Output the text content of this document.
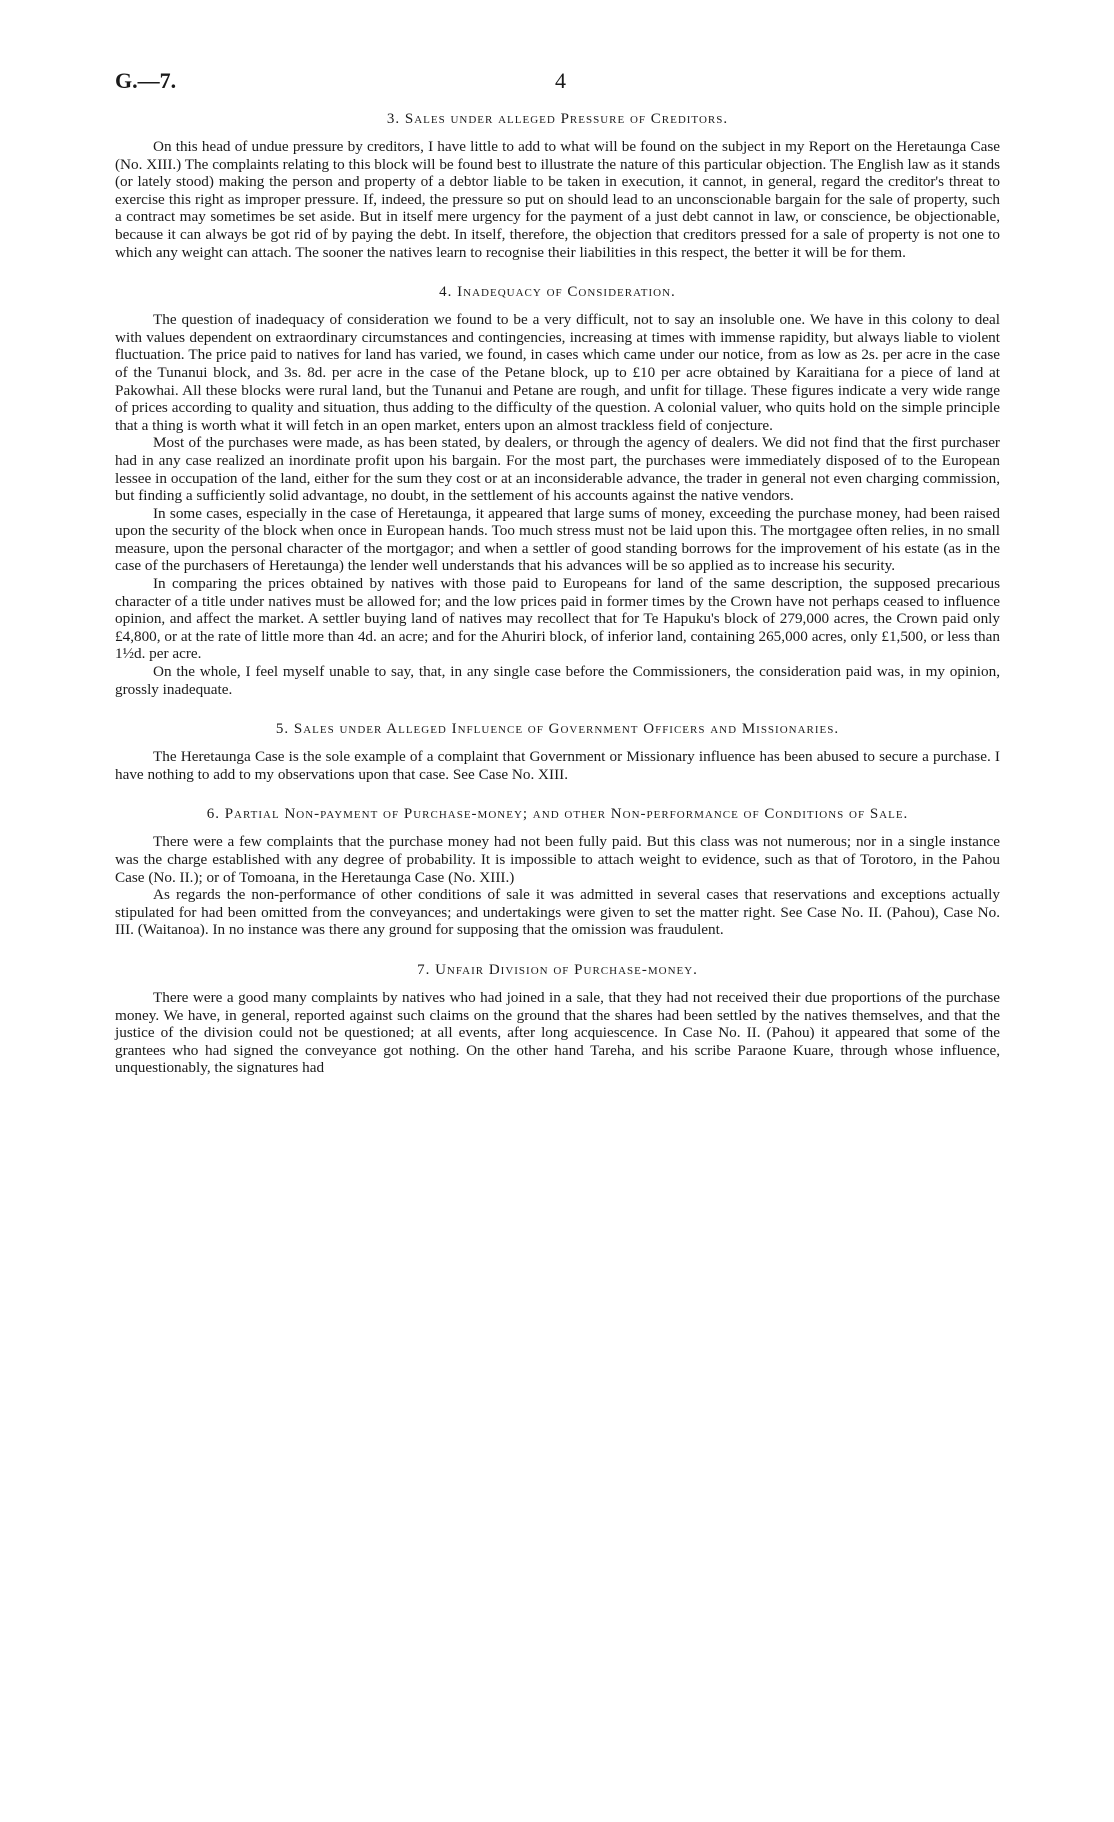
G.—7.	4
3. Sales under alleged Pressure of Creditors.

On this head of undue pressure by creditors, I have little to add to what will be found on the subject in my Report on the Heretaunga Case (No. XIII.) The complaints relating to this block will be found best to illustrate the nature of this particular objection. The English law as it stands (or lately stood) making the person and property of a debtor liable to be taken in execution, it cannot, in general, regard the creditor's threat to exercise this right as improper pressure. If, indeed, the pressure so put on should lead to an unconscionable bargain for the sale of property, such a contract may sometimes be set aside. But in itself mere urgency for the payment of a just debt cannot in law, or conscience, be objectionable, because it can always be got rid of by paying the debt. In itself, therefore, the objection that creditors pressed for a sale of property is not one to which any weight can attach. The sooner the natives learn to recognise their liabilities in this respect, the better it will be for them.

4. Inadequacy of Consideration.

The question of inadequacy of consideration we found to be a very difficult, not to say an insoluble one. We have in this colony to deal with values dependent on extraordinary circumstances and contingencies, increasing at times with immense rapidity, but always liable to violent fluctuation. The price paid to natives for land has varied, we found, in cases which came under our notice, from as low as 2s. per acre in the case of the Tunanui block, and 3s. 8d. per acre in the case of the Petane block, up to £10 per acre obtained by Karaitiana for a piece of land at Pakowhai. All these blocks were rural land, but the Tunanui and Petane are rough, and unfit for tillage. These figures indicate a very wide range of prices according to quality and situation, thus adding to the difficulty of the question. A colonial valuer, who quits hold on the simple principle that a thing is worth what it will fetch in an open market, enters upon an almost trackless field of conjecture.

Most of the purchases were made, as has been stated, by dealers, or through the agency of dealers. We did not find that the first purchaser had in any case realized an inordinate profit upon his bargain. For the most part, the purchases were immediately disposed of to the European lessee in occupation of the land, either for the sum they cost or at an inconsiderable advance, the trader in general not even charging commission, but finding a sufficiently solid advantage, no doubt, in the settlement of his accounts against the native vendors.

In some cases, especially in the case of Heretaunga, it appeared that large sums of money, exceeding the purchase money, had been raised upon the security of the block when once in European hands. Too much stress must not be laid upon this. The mortgagee often relies, in no small measure, upon the personal character of the mortgagor; and when a settler of good standing borrows for the improvement of his estate (as in the case of the purchasers of Heretaunga) the lender well understands that his advances will be so applied as to increase his security.

In comparing the prices obtained by natives with those paid to Europeans for land of the same description, the supposed precarious character of a title under natives must be allowed for; and the low prices paid in former times by the Crown have not perhaps ceased to influence opinion, and affect the market. A settler buying land of natives may recollect that for Te Hapuku's block of 279,000 acres, the Crown paid only £4,800, or at the rate of little more than 4d. an acre; and for the Ahuriri block, of inferior land, containing 265,000 acres, only £1,500, or less than 1½d. per acre.

On the whole, I feel myself unable to say, that, in any single case before the Commissioners, the consideration paid was, in my opinion, grossly inadequate.

5. Sales under Alleged Influence of Government Officers and Missionaries.

The Heretaunga Case is the sole example of a complaint that Government or Missionary influence has been abused to secure a purchase. I have nothing to add to my observations upon that case. See Case No. XIII.

6. Partial Non-payment of Purchase-money; and other Non-performance of Conditions of Sale.

There were a few complaints that the purchase money had not been fully paid. But this class was not numerous; nor in a single instance was the charge established with any degree of probability. It is impossible to attach weight to evidence, such as that of Torotoro, in the Pahou Case (No. II.); or of Tomoana, in the Heretaunga Case (No. XIII.)

As regards the non-performance of other conditions of sale it was admitted in several cases that reservations and exceptions actually stipulated for had been omitted from the conveyances; and undertakings were given to set the matter right. See Case No. II. (Pahou), Case No. III. (Waitanoa). In no instance was there any ground for supposing that the omission was fraudulent.

7. Unfair Division of Purchase-money.

There were a good many complaints by natives who had joined in a sale, that they had not received their due proportions of the purchase money. We have, in general, reported against such claims on the ground that the shares had been settled by the natives themselves, and that the justice of the division could not be questioned; at all events, after long acquiescence. In Case No. II. (Pahou) it appeared that some of the grantees who had signed the conveyance got nothing. On the other hand Tareha, and his scribe Paraone Kuare, through whose influence, unquestionably, the signatures had
